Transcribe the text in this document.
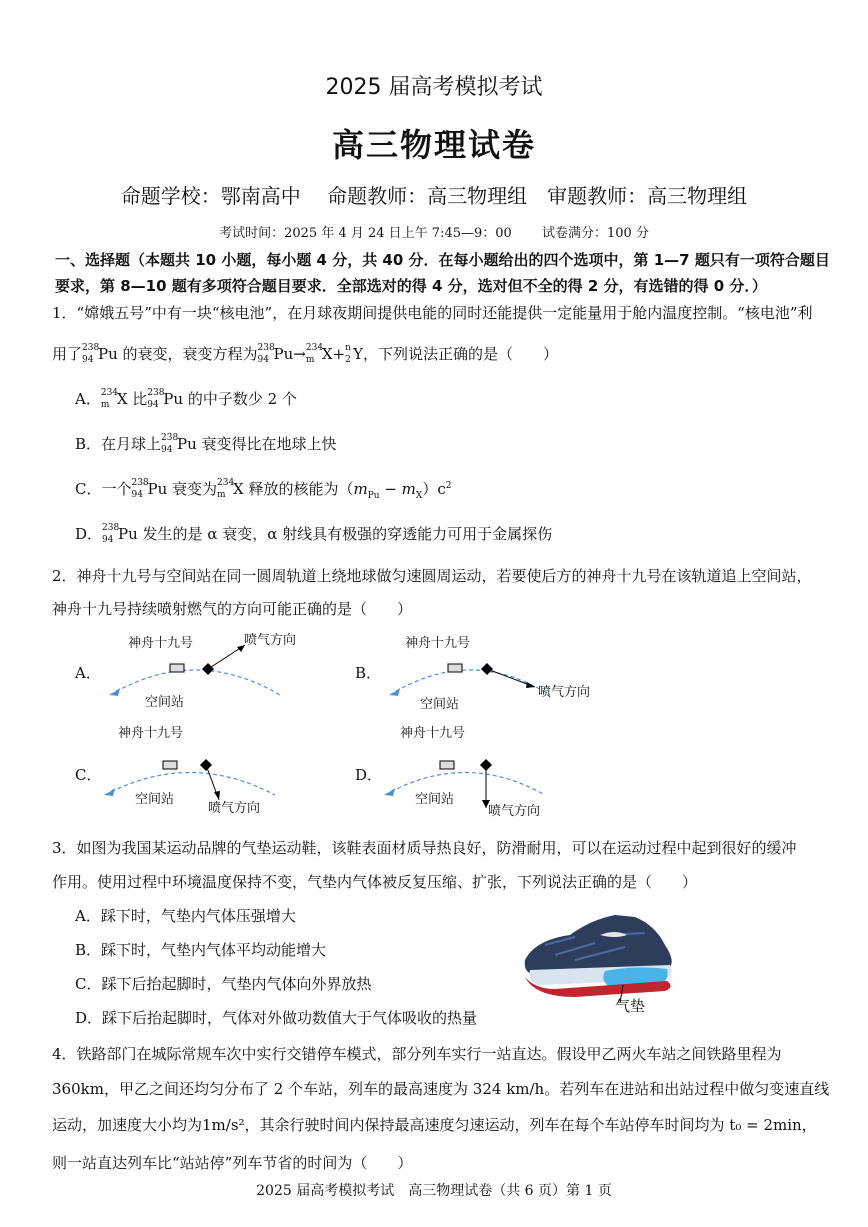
2025 届高考模拟考试
高三物理试卷
命题学校：鄂南高中　 命题教师：高三物理组　审题教师：高三物理组
考试时间：2025 年 4 月 24 日上午 7:45—9：00　　 试卷满分：100 分
一、选择题（本题共 10 小题，每小题 4 分，共 40 分．在每小题给出的四个选项中，第 1—7 题只有一项符合题目要求，第 8—10 题有多项符合题目要求．全部选对的得 4 分，选对但不全的得 2 分，有选错的得 0 分．）
1．“嫦娥五号”中有一块“核电池”，在月球夜期间提供电能的同时还能提供一定能量用于舱内温度控制。“核电池”利
用了 238
94 Pu 的衰变，衰变方程为 238
94 Pu→ 234
m X+ n
2 Y，下列说法正确的是（　　）
A． 234
m X 比 238
94 Pu 的中子数少 2 个
B．在月球上 238
94 Pu 衰变得比在地球上快
C．一个 238
94 Pu 衰变为 234
m X 释放的核能为$(m_{Pu} - m_X)c^2$
D． 238
94 Pu 发生的是 α 衰变，α 射线具有极强的穿透能力可用于金属探伤
2．神舟十九号与空间站在同一圆周轨道上绕地球做匀速圆周运动，若要使后方的神舟十九号在该轨道追上空间站，
神舟十九号持续喷射燃气的方向可能正确的是（　　）
A．	B．
C．	D．
神舟十九号	喷气方向
空间站
神舟十九号
喷气方向
空间站
神舟十九号
空间站
喷气方向
神舟十九号
空间站
喷气方向
3．如图为我国某运动品牌的气垫运动鞋，该鞋表面材质导热良好，防滑耐用，可以在运动过程中起到很好的缓冲
作用。使用过程中环境温度保持不变，气垫内气体被反复压缩、扩张，下列说法正确的是（　　）
A．踩下时，气垫内气体压强增大
B．踩下时，气垫内气体平均动能增大
C．踩下后抬起脚时，气垫内气体向外界放热
D．踩下后抬起脚时，气体对外做功数值大于气体吸收的热量
气垫
4．铁路部门在城际常规车次中实行交错停车模式，部分列车实行一站直达。假设甲乙两火车站之间铁路里程为
360km，甲乙之间还均匀分布了 2 个车站，列车的最高速度为 324 km/h。若列车在进站和出站过程中做匀变速直线
运动，加速度大小均为1m/s²，其余行驶时间内保持最高速度匀速运动，列车在每个车站停车时间均为 t₀ = 2min，
则一站直达列车比“站站停”列车节省的时间为（　　）
2025 届高考模拟考试　高三物理试卷（共 6 页）第 1 页
